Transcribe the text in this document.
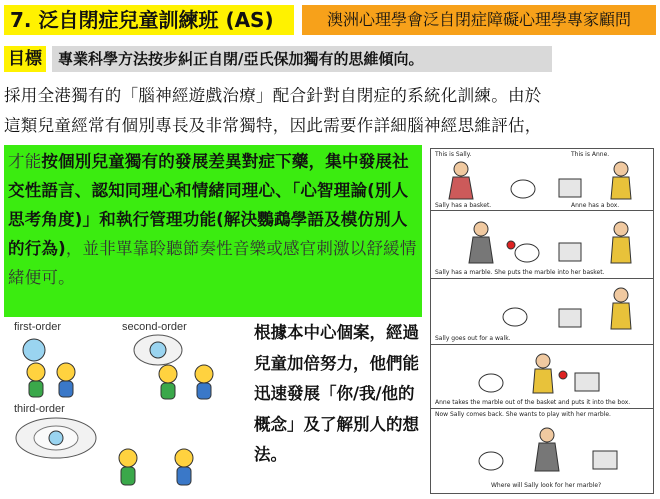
7. 泛自閉症兒童訓練班 (AS)	澳洲心理學會泛自閉症障礙心理學專家顧問
目標	專業科學方法按步糾正自閉/亞氏保加獨有的思維傾向。
採用全港獨有的「腦神經遊戲治療」配合針對自閉症的系統化訓練。由於
這類兒童經常有個別專長及非常獨特，因此需要作詳細腦神經思維評估，
才能按個別兒童獨有的發展差異對症下藥，集中發展社交性語言、認知同理心和情緒同理心、「心智理論(別人思考角度)」和執行管理功能(解決鸚鵡學語及模仿別人的行為)，並非單靠聆聽節奏性音樂或感官刺激以舒緩情緒便可。
first-order	second-order
third-order
根據本中心個案，經過兒童加倍努力，他們能迅速發展「你/我/他的概念」及了解別人的想法。
This is Sally.	This is Anne.
Sally has a basket.	Anne has a box.
Sally has a marble. She puts the marble into her basket.
Sally goes out for a walk.
Anne takes the marble out of the basket and puts it into the box.
Now Sally comes back. She wants to play with her marble.
Where will Sally look for her marble?
